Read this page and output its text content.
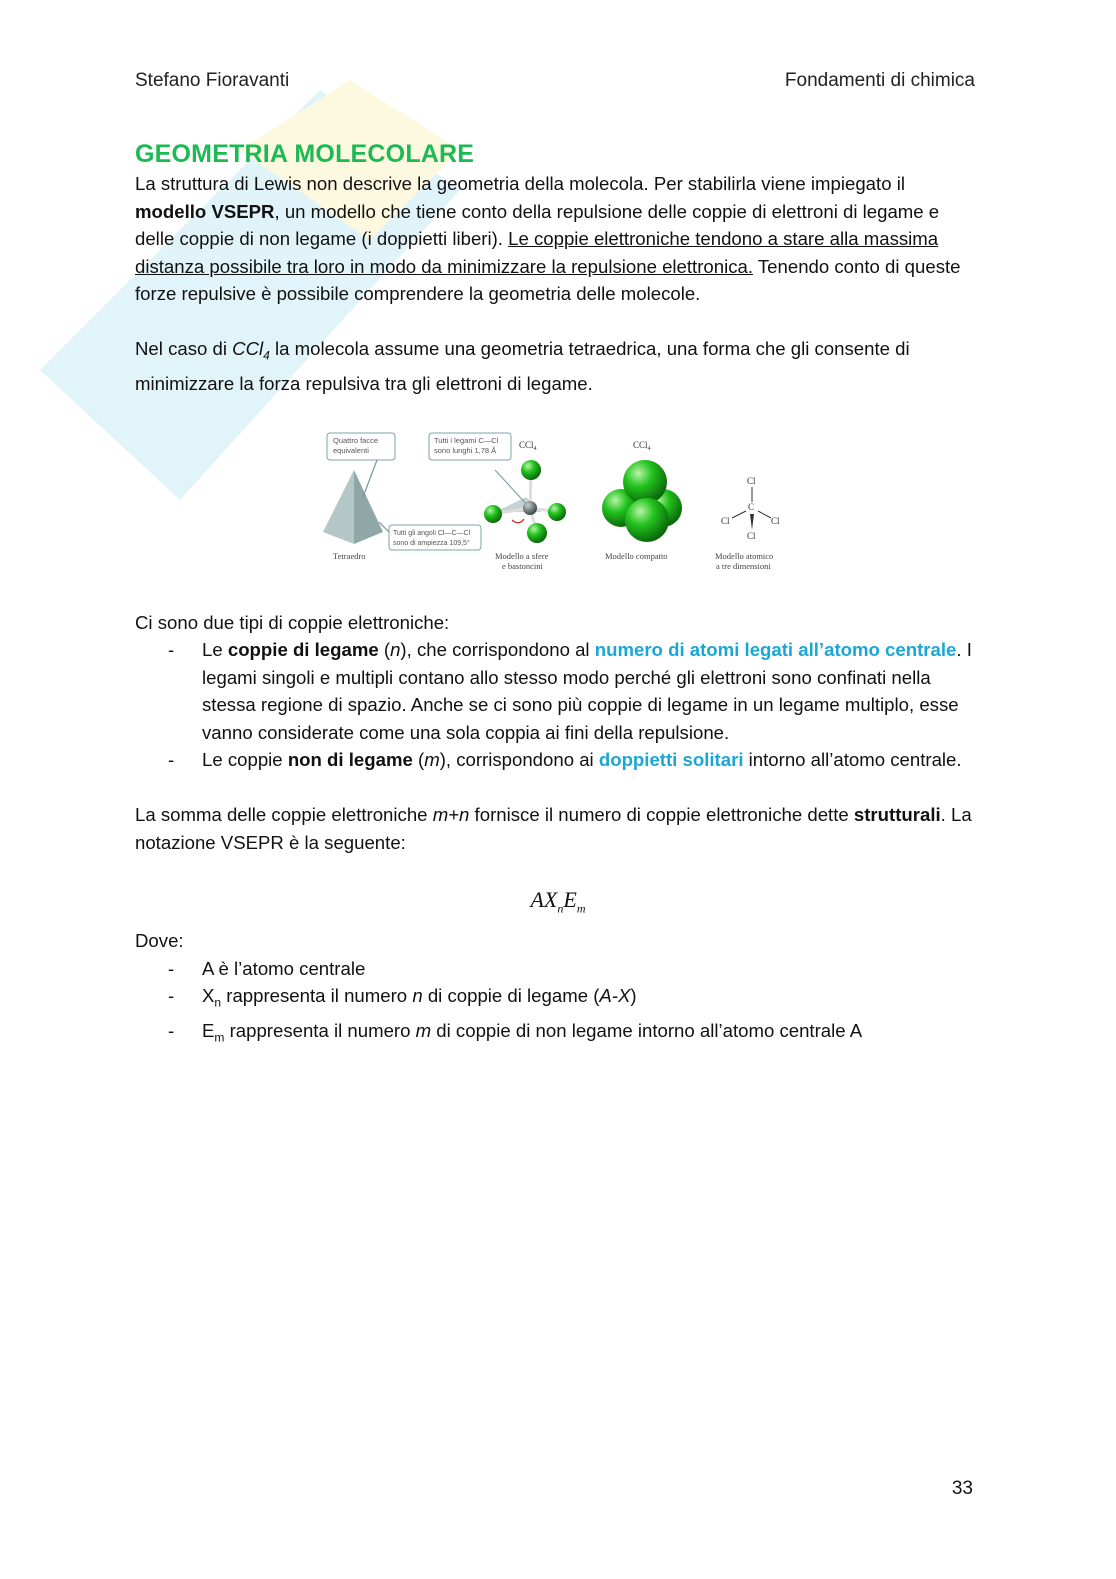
Stefano Fioravanti	Fondamenti di chimica
GEOMETRIA MOLECOLARE

La struttura di Lewis non descrive la geometria della molecola. Per stabilirla viene impiegato il modello VSEPR, un modello che tiene conto della repulsione delle coppie di elettroni di legame e delle coppie di non legame (i doppietti liberi). Le coppie elettroniche tendono a stare alla massima distanza possibile tra loro in modo da minimizzare la repulsione elettronica. Tenendo conto di queste forze repulsive è possibile comprendere la geometria delle molecole.

Nel caso di CCl$_4$ la molecola assume una geometria tetraedrica, una forma che gli consente di minimizzare la forza repulsiva tra gli elettroni di legame.

Quattro facce
equivalenti
Tutti i legami C—Cl
sono lunghi 1,78 Å
Tutti gli angoli Cl—C—Cl
sono di ampiezza 109,5°
CCl$_4$	CCl$_4$
Cl
C
Cl	Cl
Cl
Tetraedro	Modello a sfere
e bastoncini
Modello compatto	Modello atomico
a tre dimensioni

Ci sono due tipi di coppie elettroniche:

- Le coppie di legame (n), che corrispondono al numero di atomi legati all’atomo centrale. I legami singoli e multipli contano allo stesso modo perché gli elettroni sono confinati nella stessa regione di spazio. Anche se ci sono più coppie di legame in un legame multiplo, esse vanno considerate come una sola coppia ai fini della repulsione.
- Le coppie non di legame (m), corrispondono ai doppietti solitari intorno all’atomo centrale.

La somma delle coppie elettroniche m+n fornisce il numero di coppie elettroniche dette strutturali. La notazione VSEPR è la seguente:

$AX_nE_m$

Dove:

- A è l’atomo centrale
- $X_n$ rappresenta il numero n di coppie di legame (A-X)
- $E_m$ rappresenta il numero m di coppie di non legame intorno all’atomo centrale A
33
